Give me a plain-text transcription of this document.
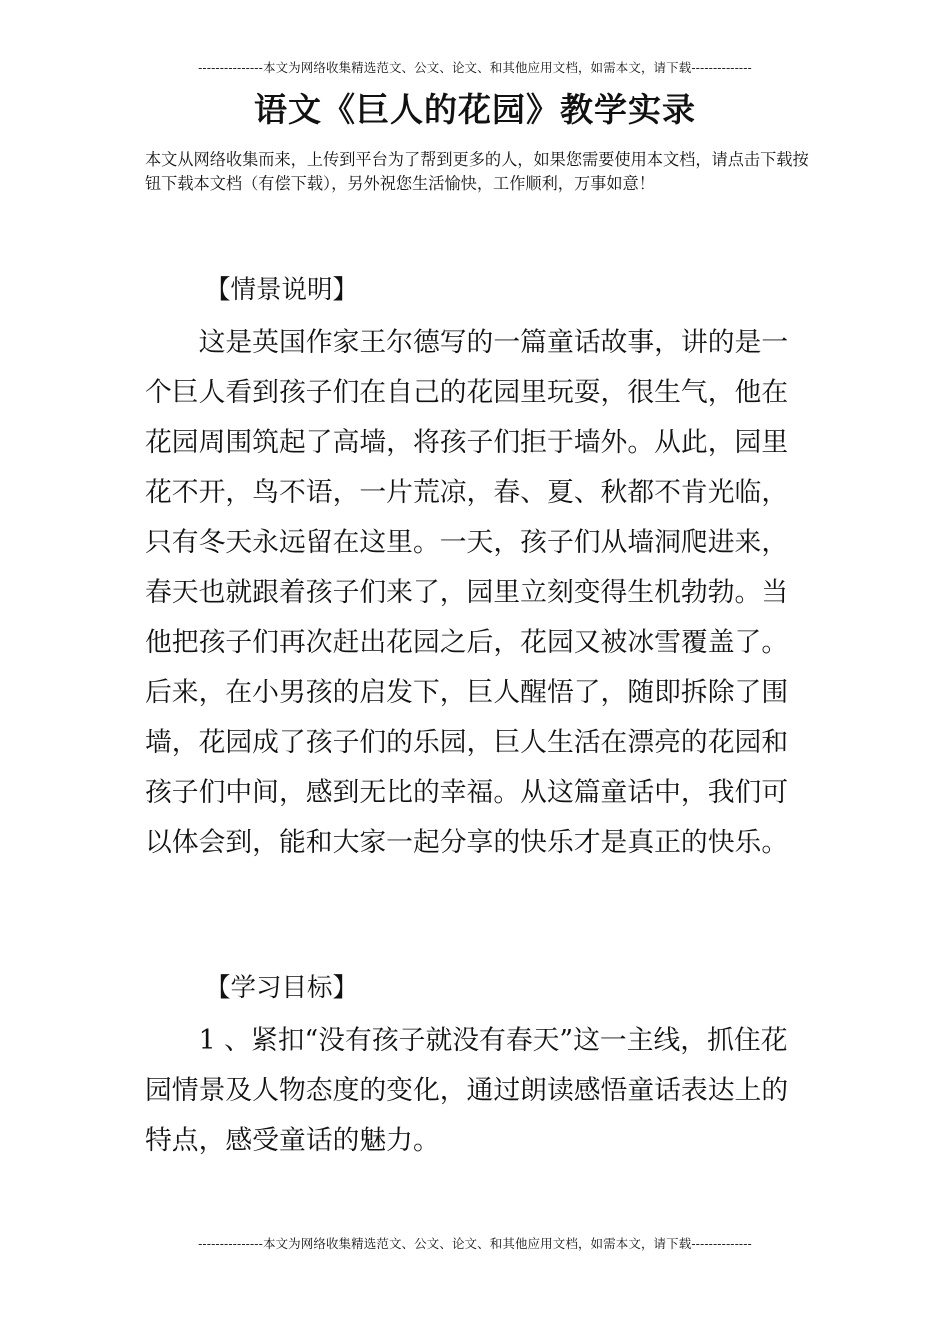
---------------本文为网络收集精选范文、公文、论文、和其他应用文档，如需本文，请下载--------------
语文《巨人的花园》教学实录

本文从网络收集而来，上传到平台为了帮到更多的人，如果您需要使用本文档，请点击下载按钮下载本文档（有偿下载），另外祝您生活愉快，工作顺利，万事如意！

【情景说明】

这是英国作家王尔德写的一篇童话故事，讲的是一个巨人看到孩子们在自己的花园里玩耍，很生气，他在花园周围筑起了高墙，将孩子们拒于墙外。从此，园里花不开，鸟不语，一片荒凉，春、夏、秋都不肯光临，只有冬天永远留在这里。一天，孩子们从墙洞爬进来，春天也就跟着孩子们来了，园里立刻变得生机勃勃。当他把孩子们再次赶出花园之后，花园又被冰雪覆盖了。后来，在小男孩的启发下，巨人醒悟了，随即拆除了围墙，花园成了孩子们的乐园，巨人生活在漂亮的花园和孩子们中间，感到无比的幸福。从这篇童话中，我们可以体会到，能和大家一起分享的快乐才是真正的快乐。

【学习目标】

1 、紧扣“没有孩子就没有春天”这一主线，抓住花园情景及人物态度的变化，通过朗读感悟童话表达上的特点，感受童话的魅力。

---------------本文为网络收集精选范文、公文、论文、和其他应用文档，如需本文，请下载--------------
